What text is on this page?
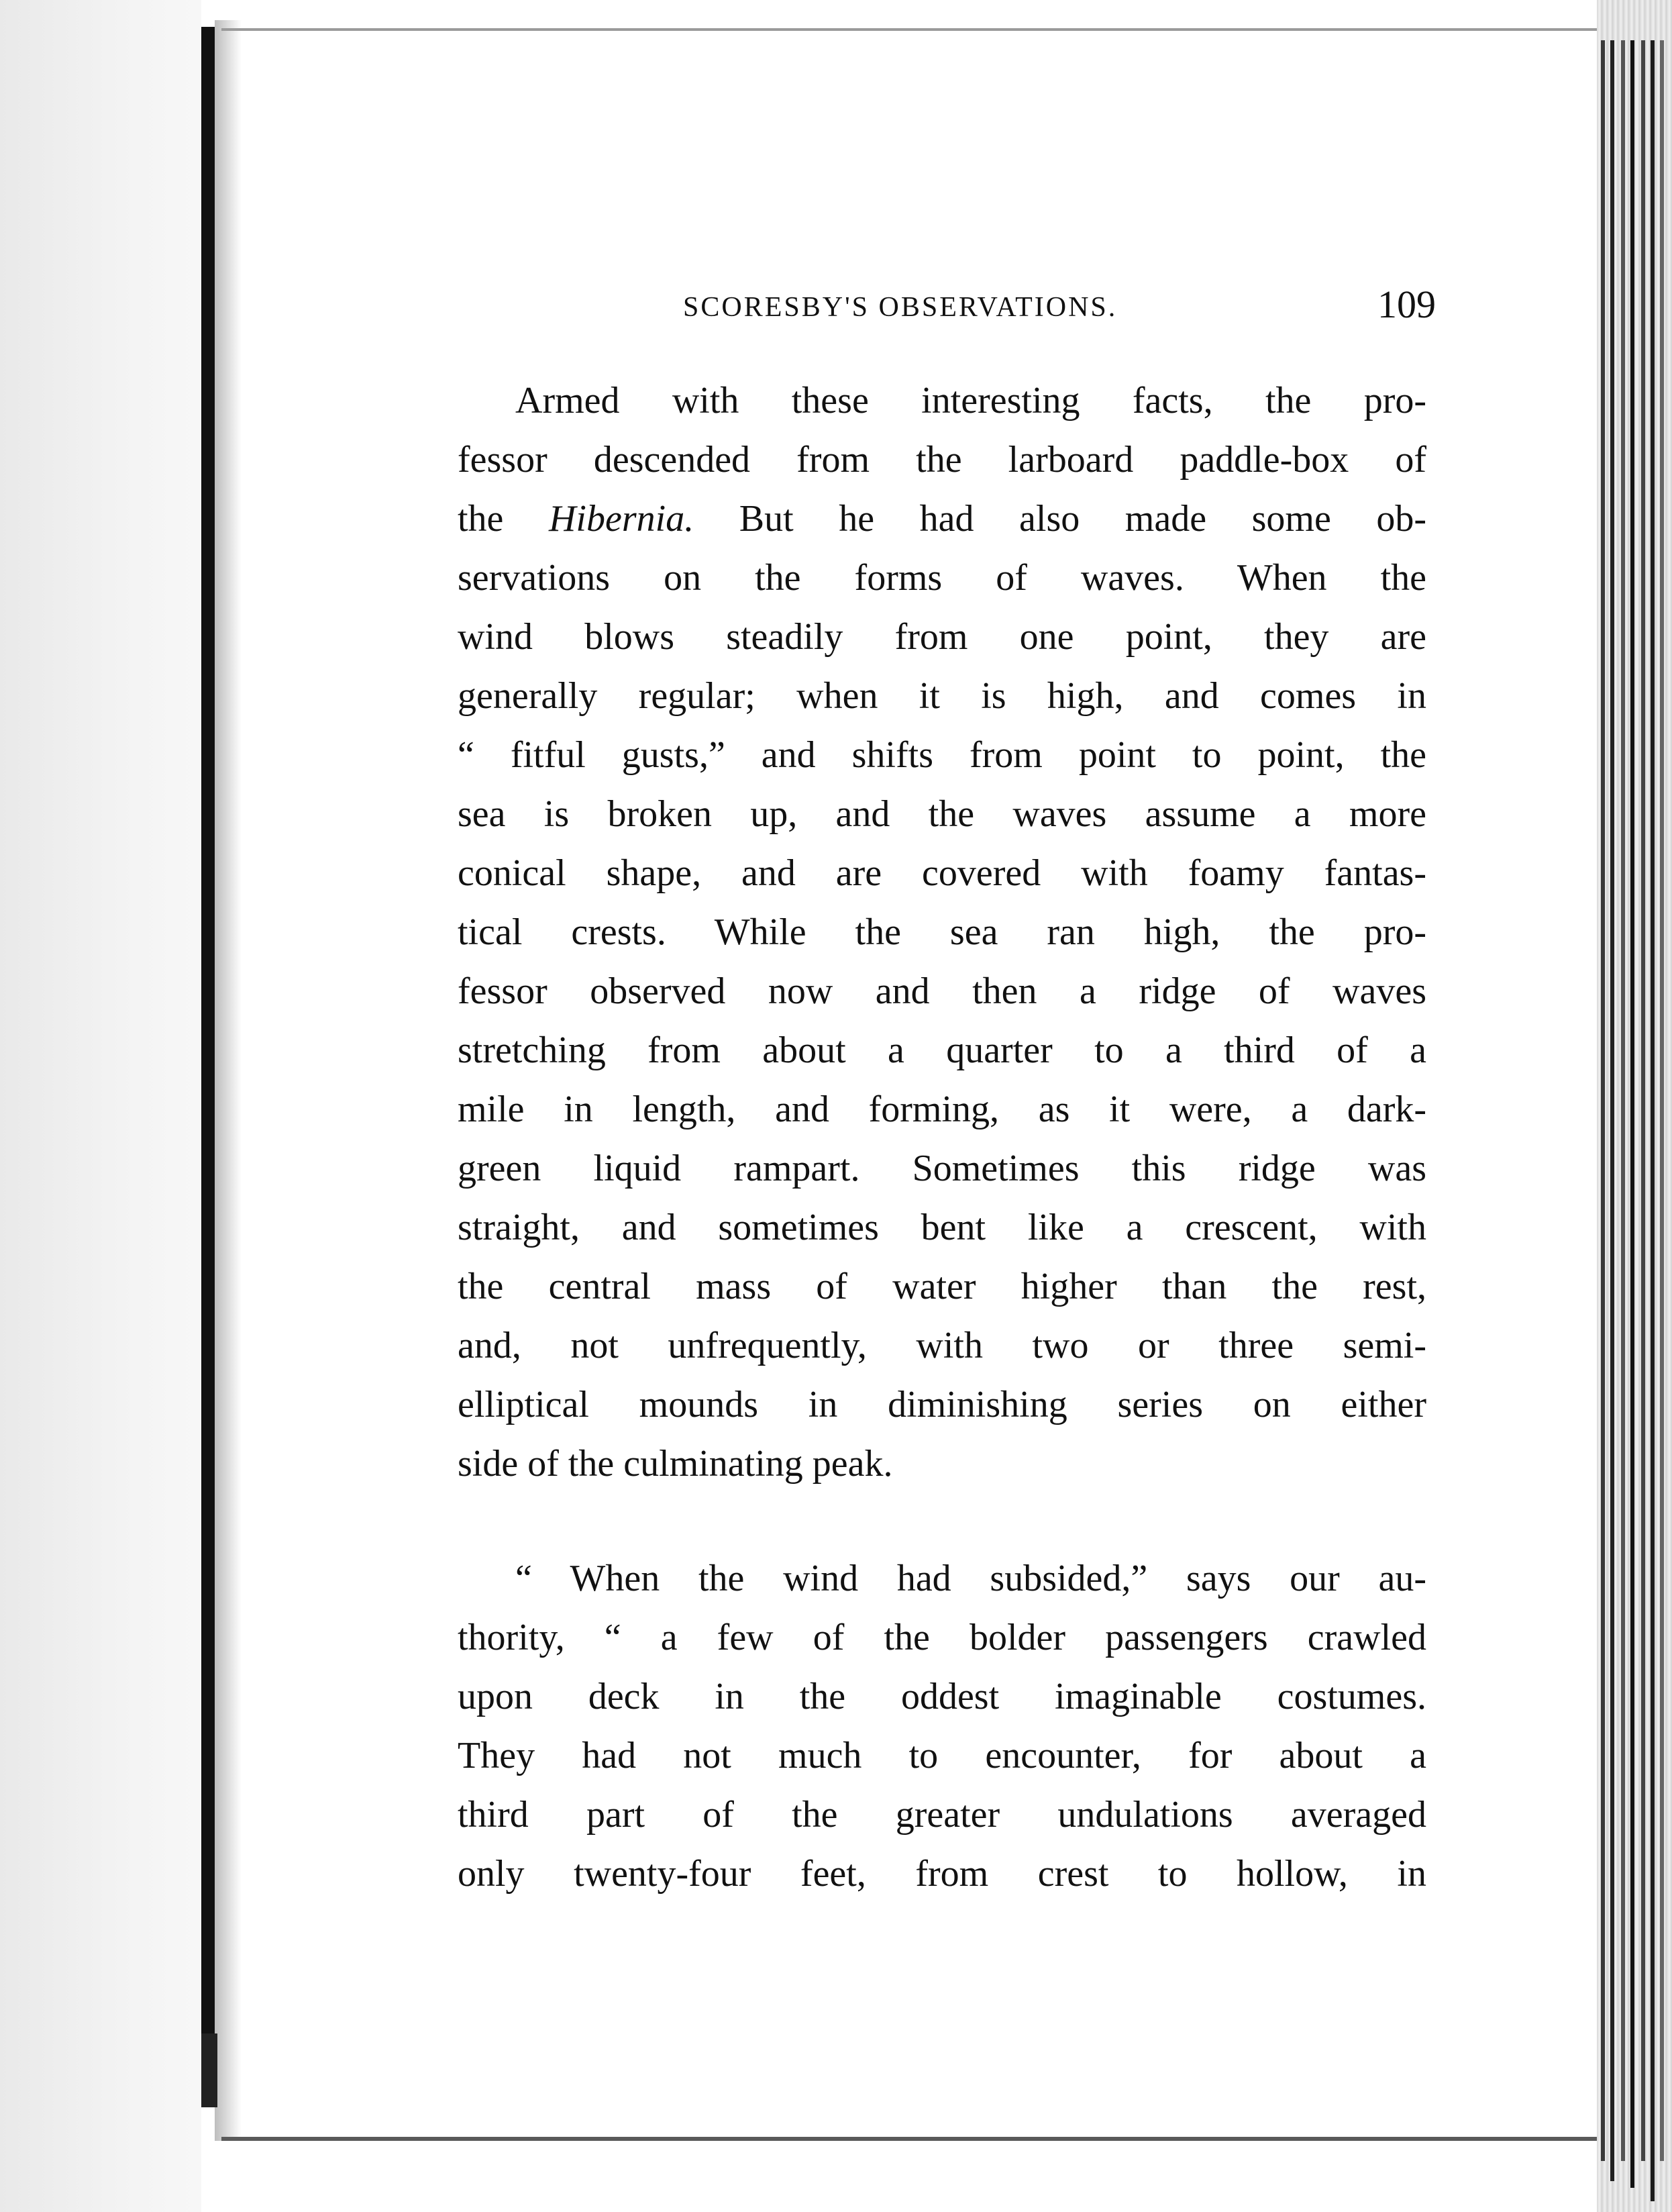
SCORESBY'S OBSERVATIONS.	109
Armed with these interesting facts, the pro-
fessor descended from the larboard paddle-box of
the Hibernia. But he had also made some ob-
servations on the forms of waves. When the
wind blows steadily from one point, they are
generally regular; when it is high, and comes in
“ fitful gusts,” and shifts from point to point, the
sea is broken up, and the waves assume a more
conical shape, and are covered with foamy fantas-
tical crests. While the sea ran high, the pro-
fessor observed now and then a ridge of waves
stretching from about a quarter to a third of a
mile in length, and forming, as it were, a dark-
green liquid rampart. Sometimes this ridge was
straight, and sometimes bent like a crescent, with
the central mass of water higher than the rest,
and, not unfrequently, with two or three semi-
elliptical mounds in diminishing series on either
side of the culminating peak.
“ When the wind had subsided,” says our au-
thority, “ a few of the bolder passengers crawled
upon deck in the oddest imaginable costumes.
They had not much to encounter, for about a
third part of the greater undulations averaged
only twenty-four feet, from crest to hollow, in
